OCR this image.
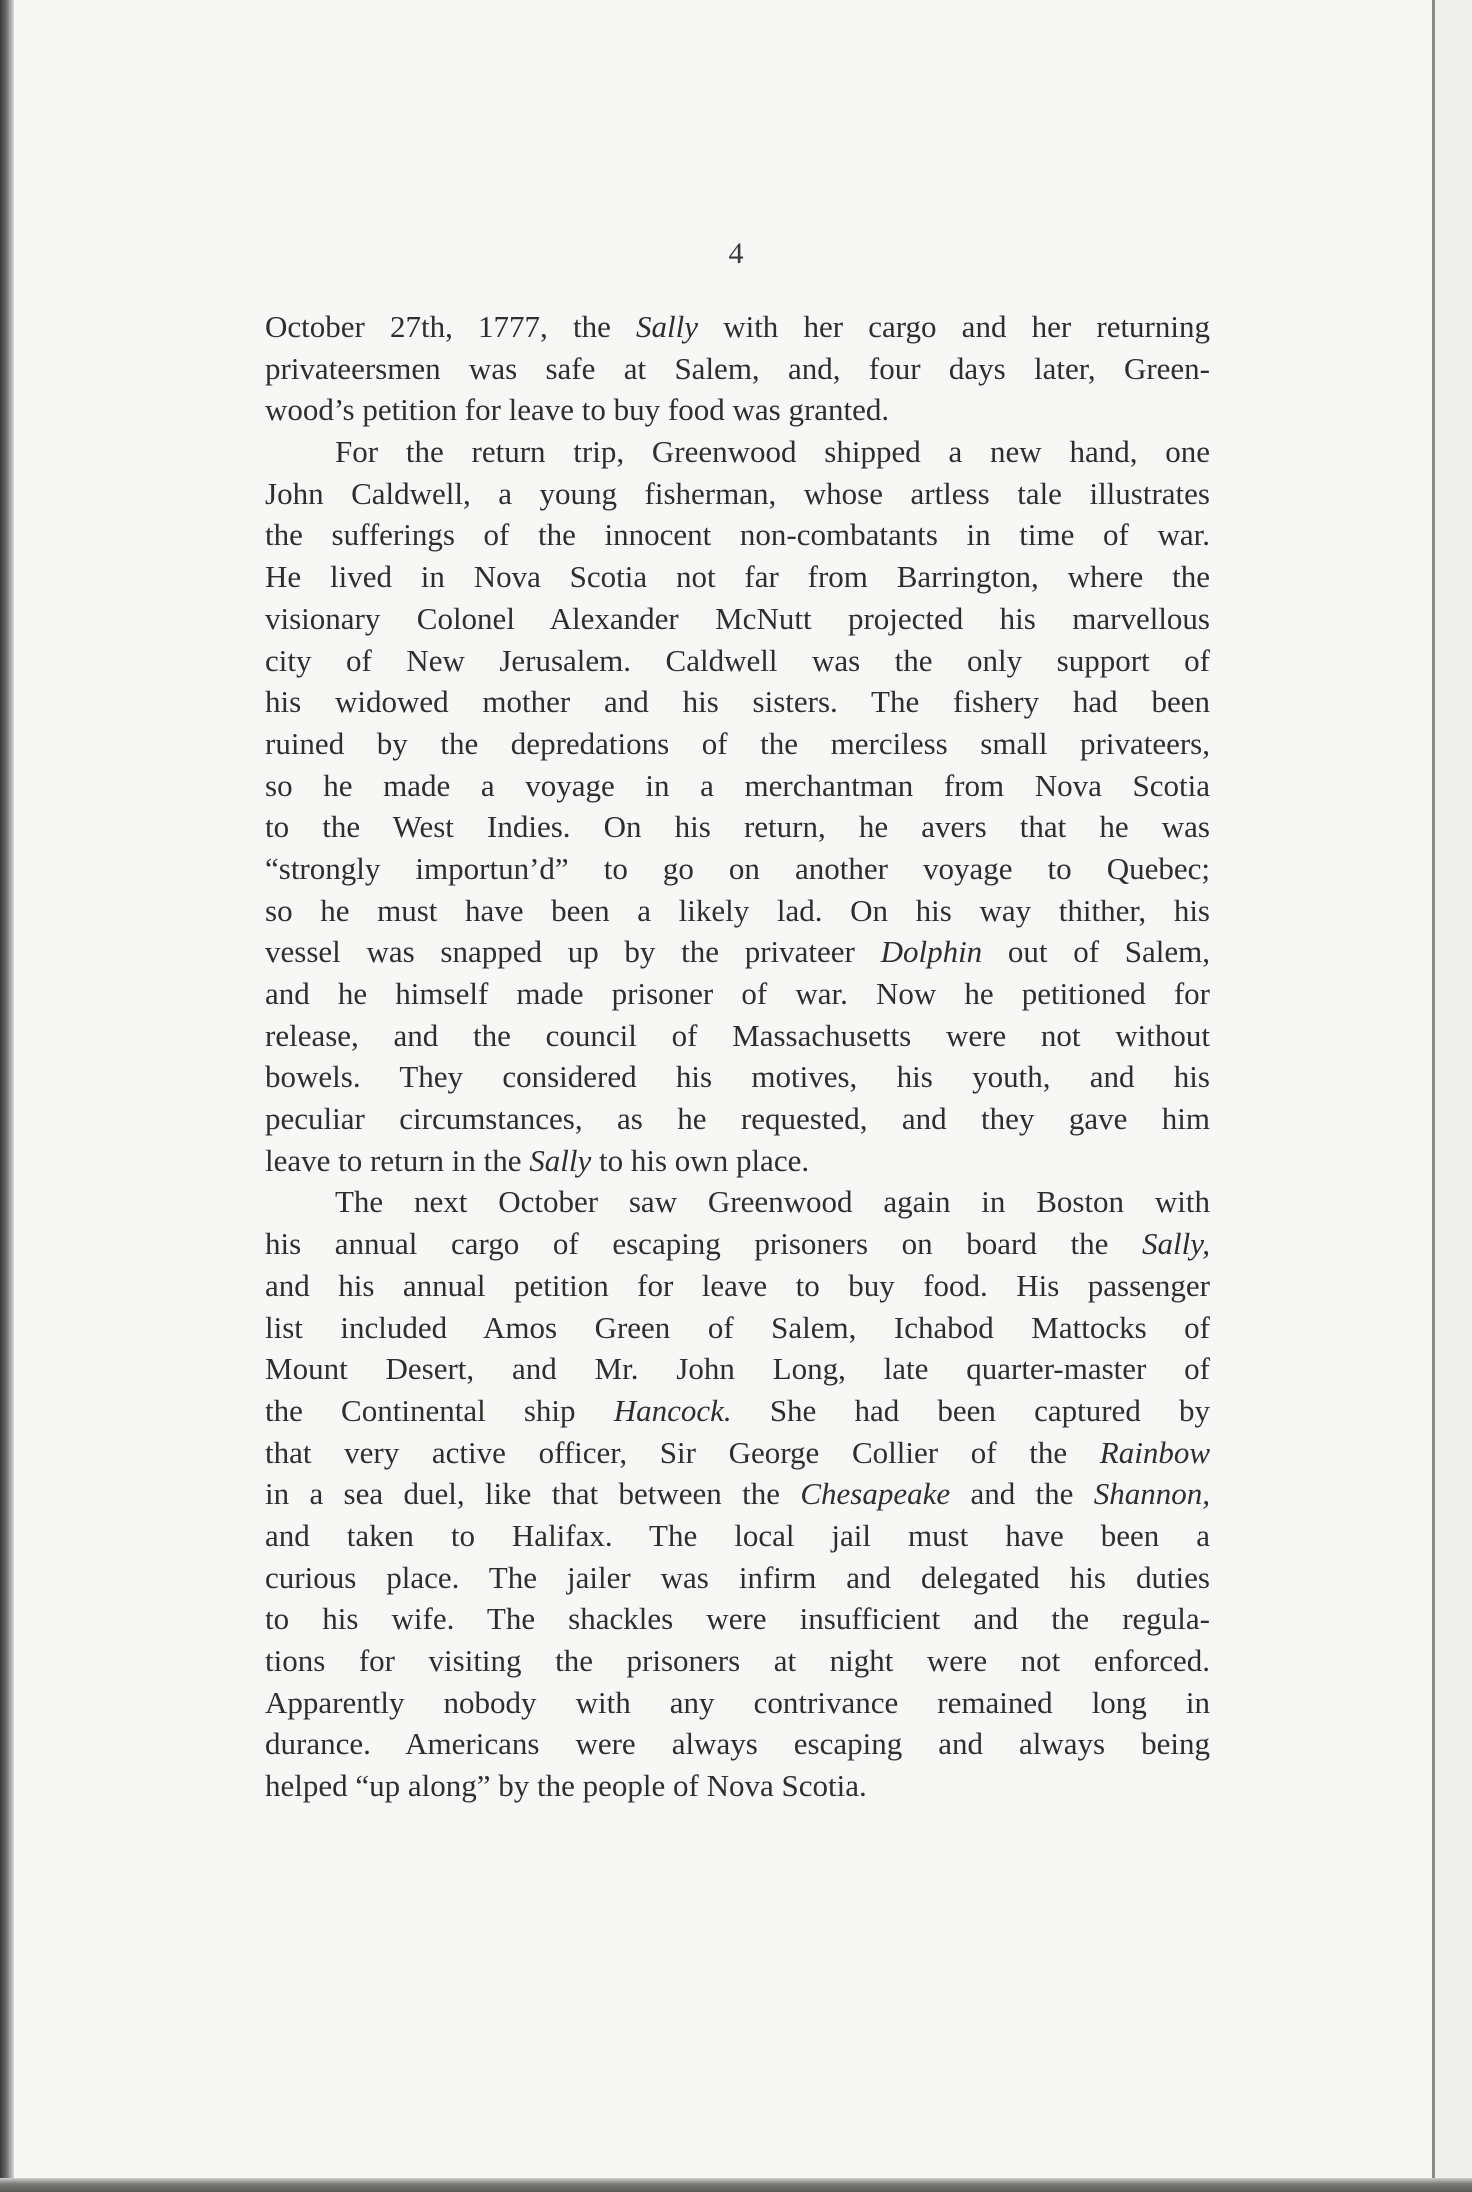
4
October 27th, 1777, the Sally with her cargo and her returning
privateersmen was safe at Salem, and, four days later, Green-
wood’s petition for leave to buy food was granted.
For the return trip, Greenwood shipped a new hand, one
John Caldwell, a young fisherman, whose artless tale illustrates
the sufferings of the innocent non-combatants in time of war.
He lived in Nova Scotia not far from Barrington, where the
visionary Colonel Alexander McNutt projected his marvellous
city of New Jerusalem. Caldwell was the only support of
his widowed mother and his sisters. The fishery had been
ruined by the depredations of the merciless small privateers,
so he made a voyage in a merchantman from Nova Scotia
to the West Indies. On his return, he avers that he was
“strongly importun’d” to go on another voyage to Quebec;
so he must have been a likely lad. On his way thither, his
vessel was snapped up by the privateer Dolphin out of Salem,
and he himself made prisoner of war. Now he petitioned for
release, and the council of Massachusetts were not without
bowels. They considered his motives, his youth, and his
peculiar circumstances, as he requested, and they gave him
leave to return in the Sally to his own place.
The next October saw Greenwood again in Boston with
his annual cargo of escaping prisoners on board the Sally,
and his annual petition for leave to buy food. His passenger
list included Amos Green of Salem, Ichabod Mattocks of
Mount Desert, and Mr. John Long, late quarter-master of
the Continental ship Hancock. She had been captured by
that very active officer, Sir George Collier of the Rainbow
in a sea duel, like that between the Chesapeake and the Shannon,
and taken to Halifax. The local jail must have been a
curious place. The jailer was infirm and delegated his duties
to his wife. The shackles were insufficient and the regula-
tions for visiting the prisoners at night were not enforced.
Apparently nobody with any contrivance remained long in
durance. Americans were always escaping and always being
helped “up along” by the people of Nova Scotia.
